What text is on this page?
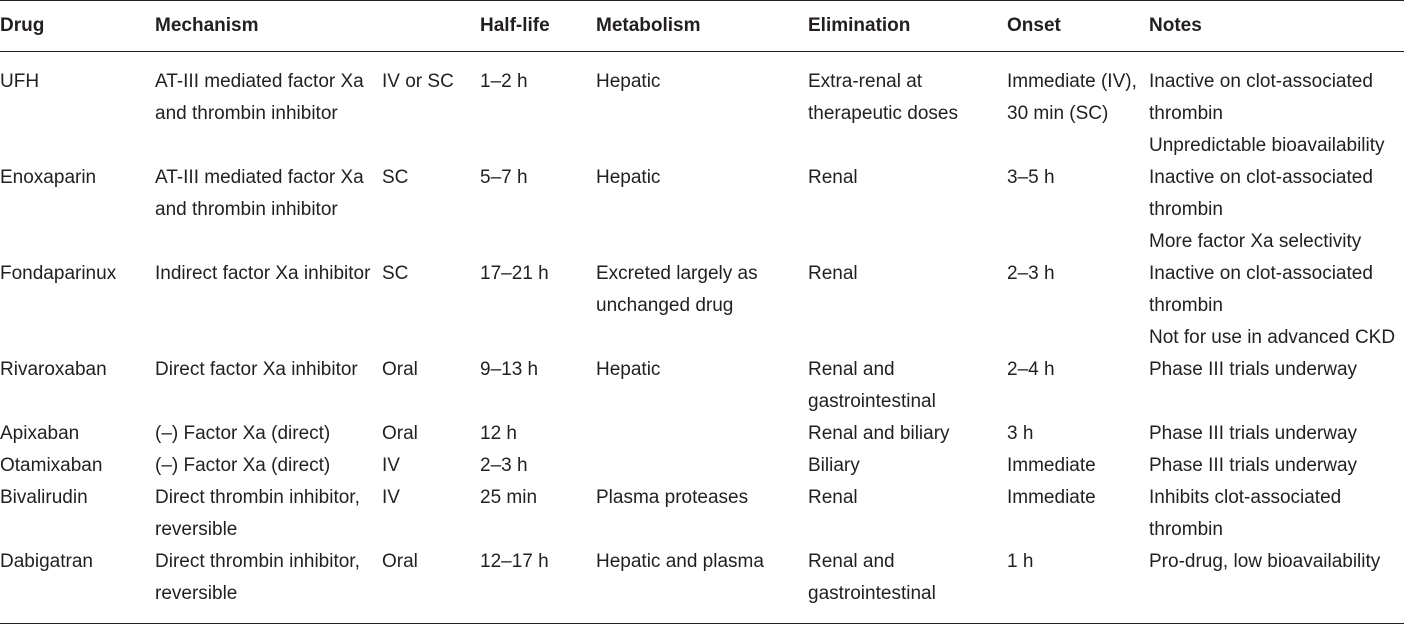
Drug	Mechanism		Half-life	Metabolism	Elimination	Onset	Notes

UFH	AT-III mediated factor Xa and thrombin inhibitor	IV or SC	1–2 h	Hepatic	Extra-renal at therapeutic doses	Immediate (IV), 30 min (SC)	Inactive on clot-associated thrombin
Unpredictable bioavailability

Enoxaparin	AT-III mediated factor Xa and thrombin inhibitor	SC	5–7 h	Hepatic	Renal	3–5 h	Inactive on clot-associated thrombin
More factor Xa selectivity

Fondaparinux	Indirect factor Xa inhibitor	SC	17–21 h	Excreted largely as unchanged drug	Renal	2–3 h	Inactive on clot-associated thrombin
Not for use in advanced CKD

Rivaroxaban	Direct factor Xa inhibitor	Oral	9–13 h	Hepatic	Renal and gastrointestinal	2–4 h	Phase III trials underway

Apixaban	(–) Factor Xa (direct)	Oral	12 h		Renal and biliary	3 h	Phase III trials underway

Otamixaban	(–) Factor Xa (direct)	IV	2–3 h		Biliary	Immediate	Phase III trials underway

Bivalirudin	Direct thrombin inhibitor, reversible	IV	25 min	Plasma proteases	Renal	Immediate	Inhibits clot-associated thrombin

Dabigatran	Direct thrombin inhibitor, reversible	Oral	12–17 h	Hepatic and plasma	Renal and gastrointestinal	1 h	Pro-drug, low bioavailability
